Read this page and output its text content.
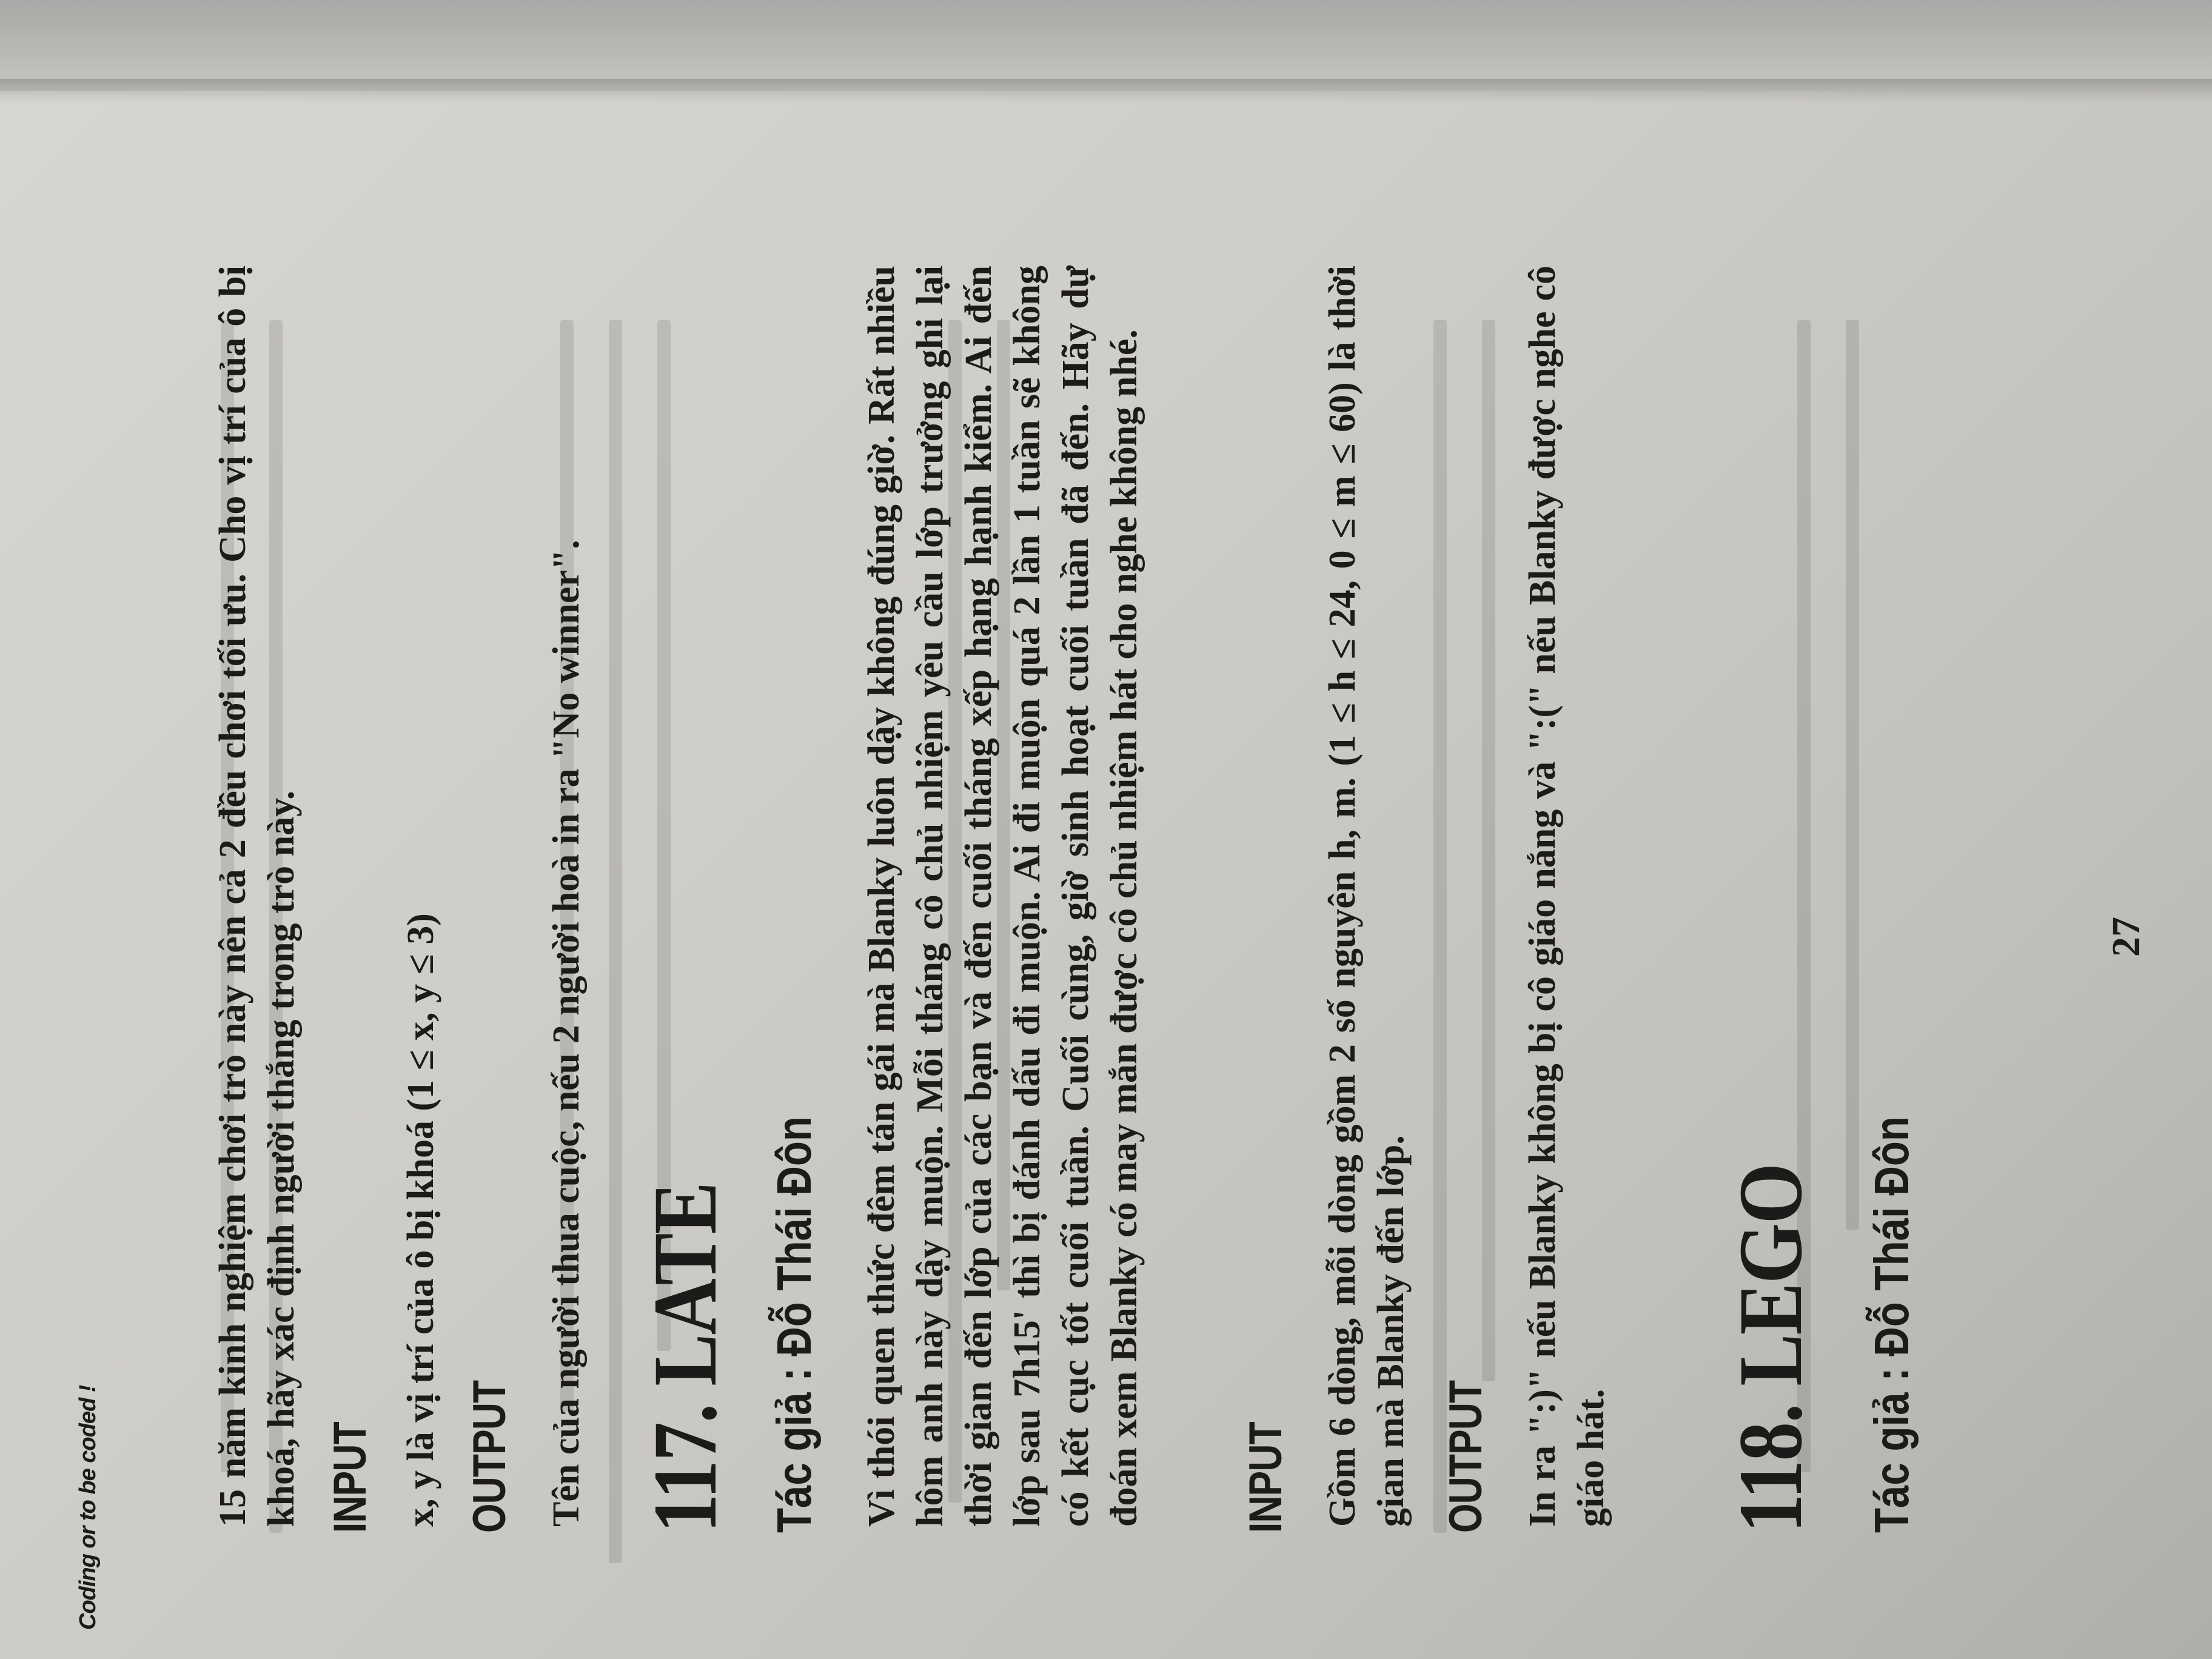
Coding or to be coded !	15 năm kinh nghiệm chơi trò này nên cả 2 đều chơi tối ưu. Cho vị trí của ô bị khoá, hãy xác định người thắng trong trò này. INPUT x, y là vị trí của ô bị khoá (1 ≤ x, y ≤ 3) OUTPUT Tên của người thua cuộc, nếu 2 người hoà in ra "No winner". 117. LATE Tác giả : Đỗ Thái Đôn Vì thói quen thức đêm tán gái mà Blanky luôn dậy không đúng giờ. Rất nhiều hôm anh này dậy muộn. Mỗi tháng cô chủ nhiệm yêu cầu lớp trưởng ghi lại thời gian đến lớp của các bạn và đến cuối tháng xếp hạng hạnh kiểm. Ai đến lớp sau 7h15' thì bị đánh dấu đi muộn. Ai đi muộn quá 2 lần 1 tuần sẽ không có kết cục tốt cuối tuần. Cuối cùng, giờ sinh hoạt cuối tuần đã đến. Hãy dự đoán xem Blanky có may mắn được cô chủ nhiệm hát cho nghe không nhé. INPUT Gồm 6 dòng, mỗi dòng gồm 2 số nguyên h, m. (1 ≤ h ≤ 24, 0 ≤ m ≤ 60) là thời gian mà Blanky đến lớp. OUTPUT In ra ":)" nếu Blanky không bị cô giáo nắng và ":(" nếu Blanky được nghe cô giáo hát. 118. LEGO Tác giả : Đỗ Thái Đôn
27
